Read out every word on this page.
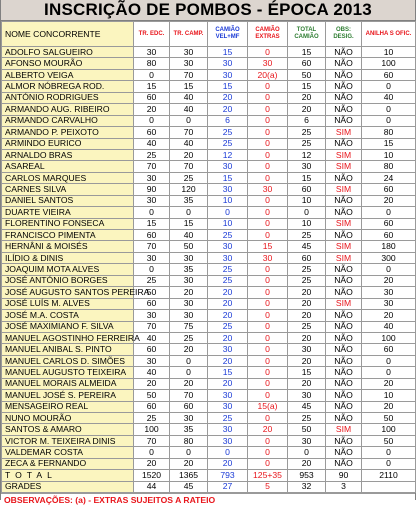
INSCRIÇÃO DE POMBOS - ÉPOCA 2013
NOME CONCORRENTE	TR. EDC.	TR. CAMP.	CAMIÃO VEL+MF	CAMIÃO EXTRAS	TOTAL CAMIÃO	OBS: DESIG.	ANILHA S OFIC.
ADOLFO SALGUEIRO	30	30	15	0	15	NÃO	10
AFONSO MOURÃO	80	30	30	30	60	NÃO	100
ALBERTO VEIGA	0	70	30	20(a)	50	NÃO	60
ALMOR NÓBREGA ROD.	15	15	15	0	15	NÃO	0
ANTÓNIO RODRIGUES	60	40	20	0	20	NÃO	40
ARMANDO AUG. RIBEIRO	20	40	20	0	20	NÃO	0
ARMANDO CARVALHO	0	0	6	0	6	NÃO	0
ARMANDO P. PEIXOTO	60	70	25	0	25	SIM	80
ARMINDO EURICO	40	40	25	0	25	NÃO	15
ARNALDO BRAS	25	20	12	0	12	SIM	10
ASAREAL	70	70	30	0	30	SIM	80
CARLOS MARQUES	30	25	15	0	15	NÃO	24
CARNES SILVA	90	120	30	30	60	SIM	60
DANIEL SANTOS	30	35	10	0	10	NÃO	20
DUARTE VIEIRA	0	0	0	0	0	NÃO	0
FLORENTINO FONSECA	15	15	10	0	10	SIM	60
FRANCISCO PIMENTA	60	40	25	0	25	NÃO	60
HERNÂNI & MOISÉS	70	50	30	15	45	SIM	180
ILÍDIO & DINIS	30	30	30	30	60	SIM	300
JOAQUIM MOTA ALVES	0	35	25	0	25	NÃO	0
JOSÉ ANTÓNIO BORGES	25	30	25	0	25	NÃO	20
JOSÉ AUGUSTO SANTOS PEREIRA	50	20	20	0	20	NÃO	30
JOSÉ LUÍS M. ALVES	60	30	20	0	20	SIM	30
JOSÉ M.A. COSTA	30	30	20	0	20	NÃO	20
JOSÉ MAXIMIANO F. SILVA	70	75	25	0	25	NÃO	40
MANUEL AGOSTINHO FERREIRA	40	25	20	0	20	NÃO	100
MANUEL ANIBAL S. PINTO	60	20	30	0	30	NÃO	60
MANUEL CARLOS D. SIMÕES	30	0	20	0	20	NÃO	0
MANUEL AUGUSTO TEIXEIRA	40	0	15	0	15	NÃO	0
MANUEL MORAIS ALMEIDA	20	20	20	0	20	NÃO	20
MANUEL JOSÉ S. PEREIRA	50	70	30	0	30	NÃO	10
MENSAGEIRO REAL	60	60	30	15(a)	45	NÃO	20
NUNO MOURÃO	25	30	25	0	25	NÃO	50
SANTOS & AMARO	100	35	30	20	50	SIM	100
VICTOR M. TEIXEIRA DINIS	70	80	30	0	30	NÃO	50
VALDEMAR COSTA	0	0	0	0	0	NÃO	0
ZECA & FERNANDO	20	20	20	0	20	NÃO	0
TOTAL	1520	1365	793	125+35	953	90	2110
GRADES	44	45	27	5	32	3	
OBSERVAÇÕES: (a) - EXTRAS SUJEITOS A RATEIO
